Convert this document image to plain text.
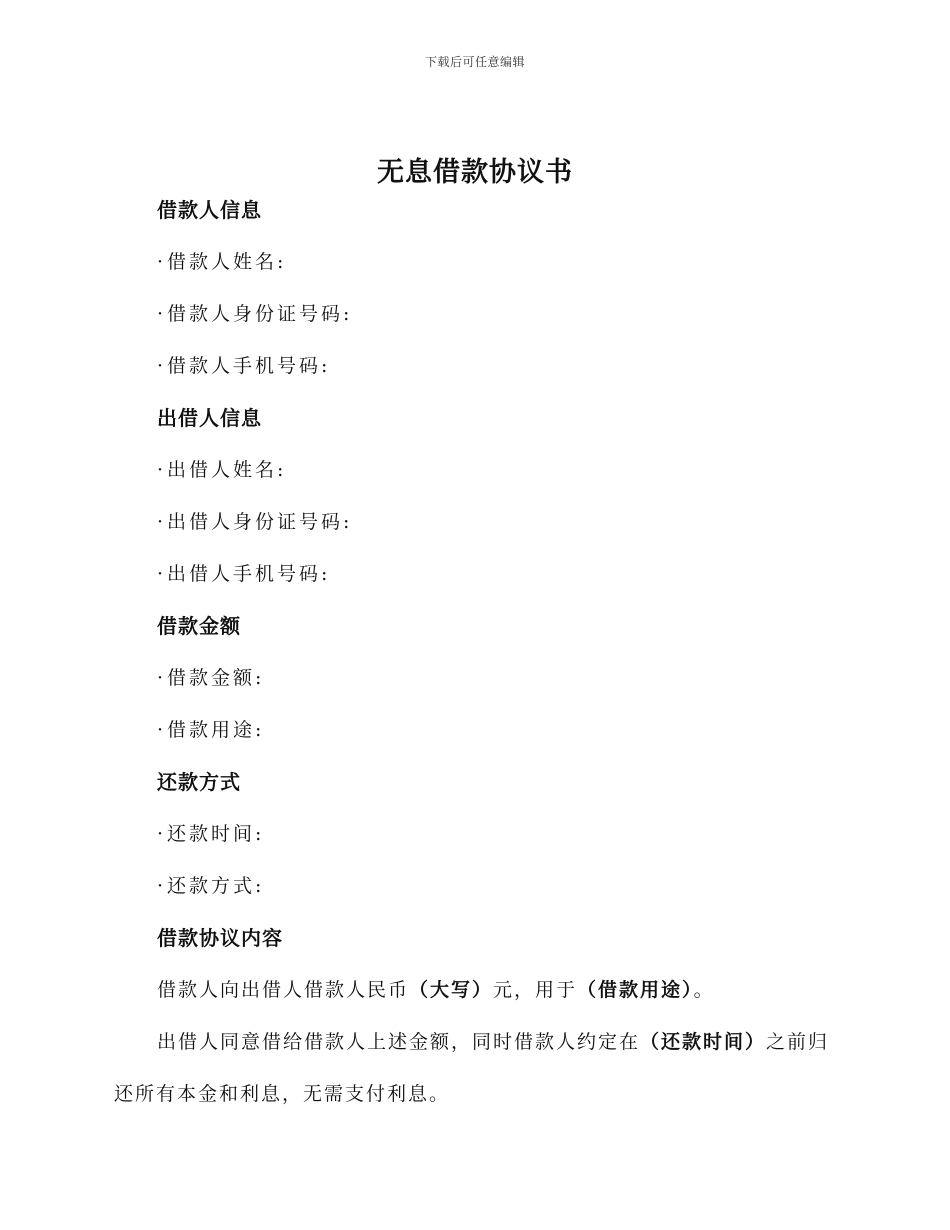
下载后可任意编辑
无息借款协议书
借款人信息
· 借款人姓名:
· 借款人身份证号码:
· 借款人手机号码:
出借人信息
· 出借人姓名:
· 出借人身份证号码:
· 出借人手机号码:
借款金额
· 借款金额:
· 借款用途:
还款方式
· 还款时间:
· 还款方式:
借款协议内容
借款人向出借人借款人民币（大写）元，用于（借款用途）。
出借人同意借给借款人上述金额，同时借款人约定在（还款时间）之前归还所有本金和利息，无需支付利息。
